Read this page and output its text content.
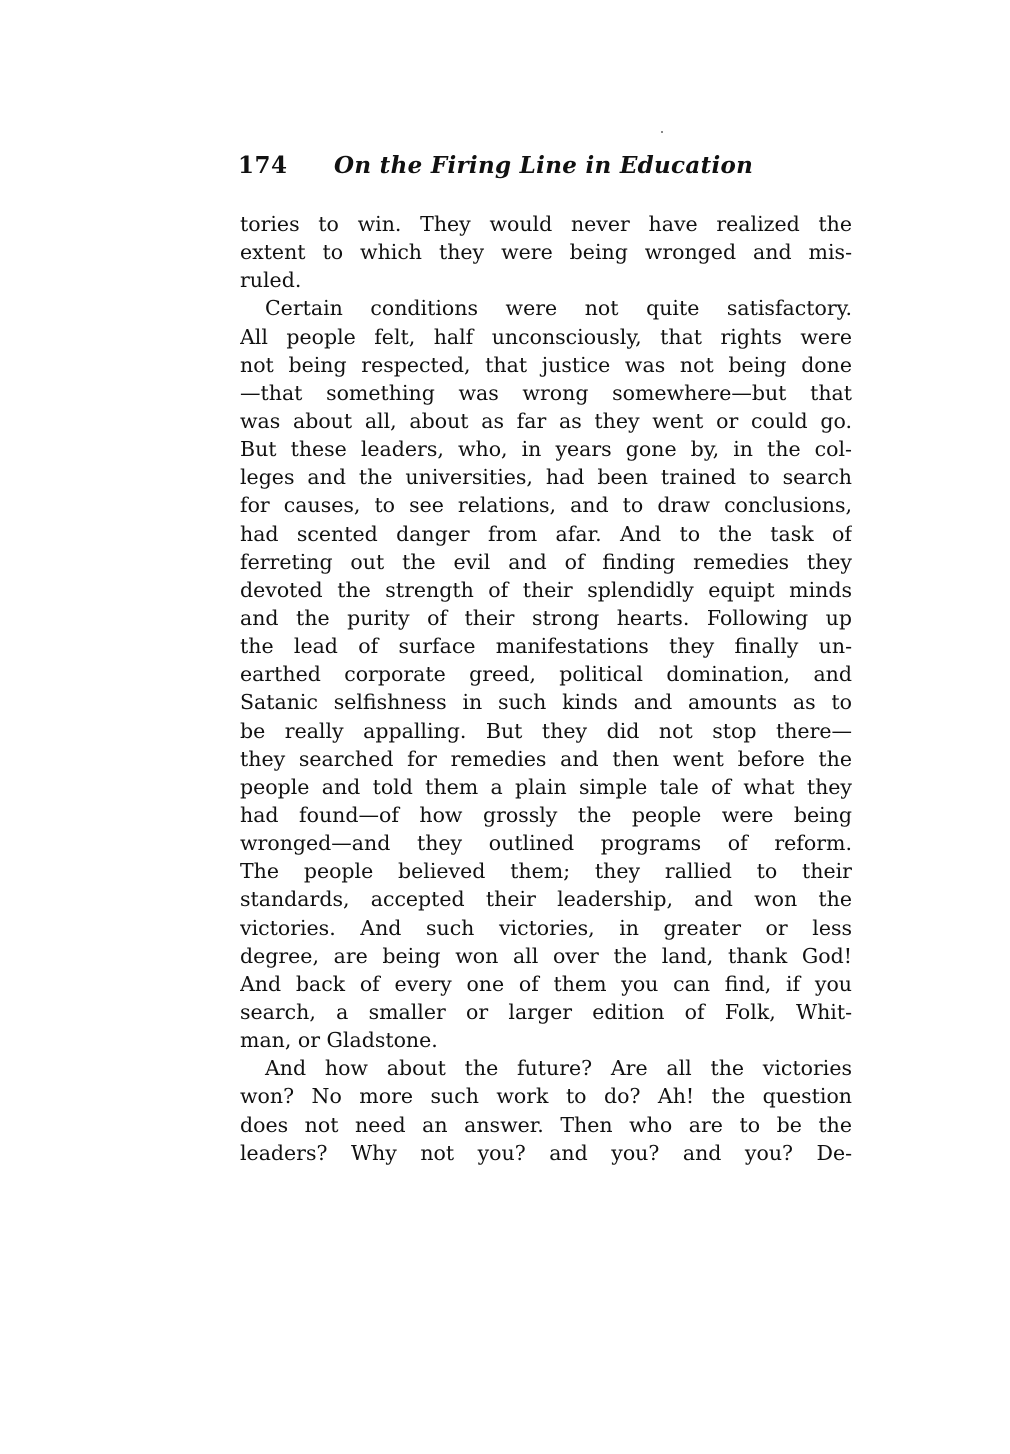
174 On the Firing Line in Education
tories to win. They would never have realized the
extent to which they were being wronged and mis-
ruled.
Certain conditions were not quite satisfactory.
All people felt, half unconsciously, that rights were
not being respected, that justice was not being done
—that something was wrong somewhere—but that
was about all, about as far as they went or could go.
But these leaders, who, in years gone by, in the col-
leges and the universities, had been trained to search
for causes, to see relations, and to draw conclusions,
had scented danger from afar. And to the task of
ferreting out the evil and of finding remedies they
devoted the strength of their splendidly equipt minds
and the purity of their strong hearts. Following up
the lead of surface manifestations they finally un-
earthed corporate greed, political domination, and
Satanic selfishness in such kinds and amounts as to
be really appalling. But they did not stop there—
they searched for remedies and then went before the
people and told them a plain simple tale of what they
had found—of how grossly the people were being
wronged—and they outlined programs of reform.
The people believed them; they rallied to their
standards, accepted their leadership, and won the
victories. And such victories, in greater or less
degree, are being won all over the land, thank God!
And back of every one of them you can find, if you
search, a smaller or larger edition of Folk, Whit-
man, or Gladstone.
And how about the future? Are all the victories
won? No more such work to do? Ah! the question
does not need an answer. Then who are to be the
leaders? Why not you? and you? and you? De-
